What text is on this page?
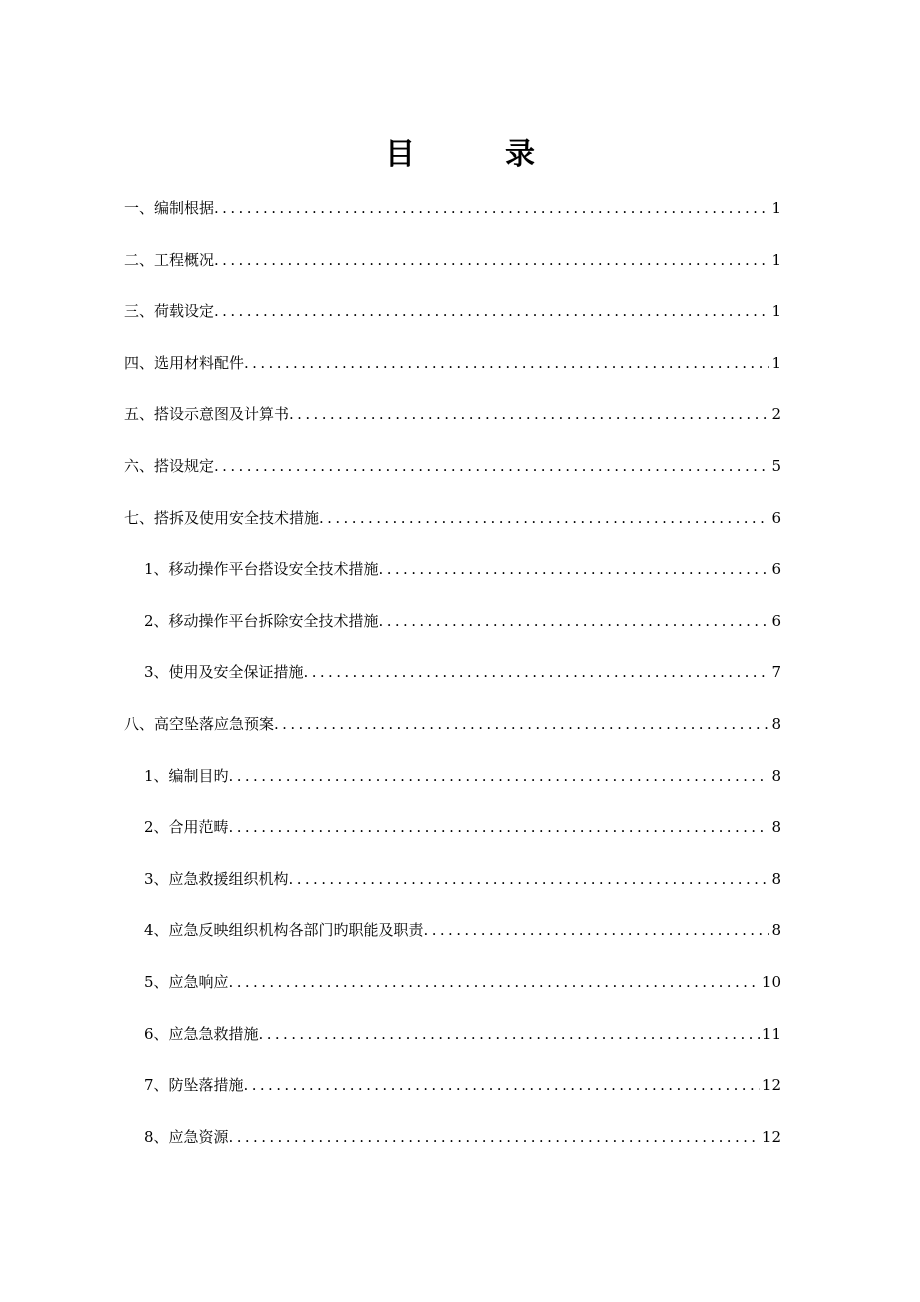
目　录
一、编制根据 .....	1
二、工程概况 .....	1
三、荷载设定 .....	1
四、选用材料配件 .....	1
五、搭设示意图及计算书 .....	2
六、搭设规定 .....	5
七、搭拆及使用安全技术措施 .....	6
1、移动操作平台搭设安全技术措施 .....	6
2、移动操作平台拆除安全技术措施 .....	6
3、使用及安全保证措施 .....	7
八、高空坠落应急预案 .....	8
1、编制目旳 .....	8
2、合用范畴 .....	8
3、应急救援组织机构 .....	8
4、应急反映组织机构各部门旳职能及职责 .....	8
5、应急响应 .....	10
6、应急急救措施 .....	11
7、防坠落措施 .....	12
8、应急资源 .....	12
